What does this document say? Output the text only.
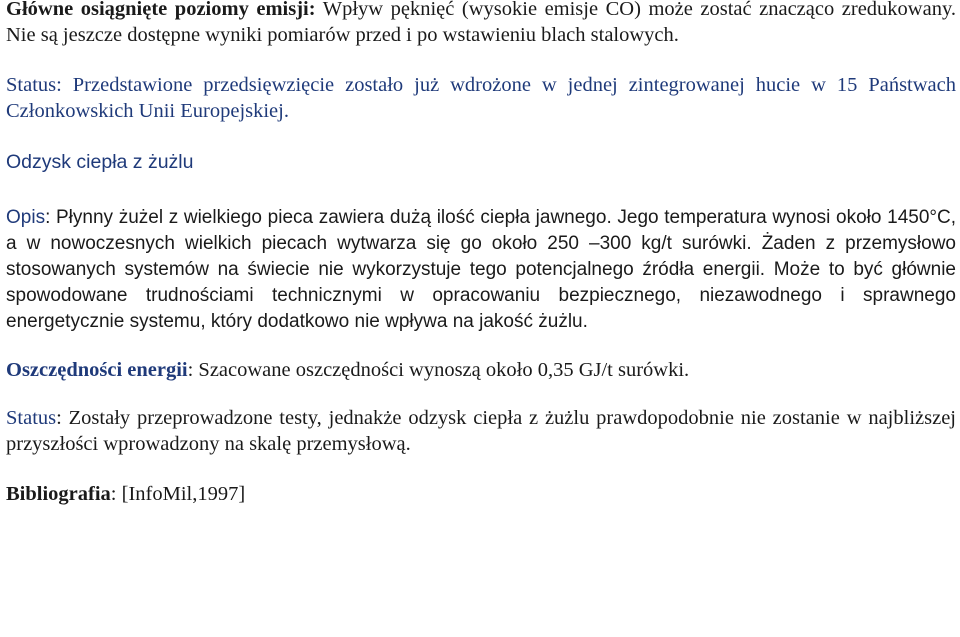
Główne osiągnięte poziomy emisji: Wpływ pęknięć (wysokie emisje CO) może zostać znacząco zredukowany. Nie są jeszcze dostępne wyniki pomiarów przed i po wstawieniu blach stalowych.

Status: Przedstawione przedsięwzięcie zostało już wdrożone w jednej zintegrowanej hucie w 15 Państwach Członkowskich Unii Europejskiej.

Odzysk ciepła z żużlu

Opis: Płynny żużel z wielkiego pieca zawiera dużą ilość ciepła jawnego. Jego temperatura wynosi około 1450°C, a w nowoczesnych wielkich piecach wytwarza się go około 250 –300 kg/t surówki. Żaden z przemysłowo stosowanych systemów na świecie nie wykorzystuje tego potencjalnego źródła energii. Może to być głównie spowodowane trudnościami technicznymi w opracowaniu bezpiecznego, niezawodnego i sprawnego energetycznie systemu, który dodatkowo nie wpływa na jakość żużlu.

Oszczędności energii: Szacowane oszczędności wynoszą około 0,35 GJ/t surówki.

Status: Zostały przeprowadzone testy, jednakże odzysk ciepła z żużlu prawdopodobnie nie zostanie w najbliższej przyszłości wprowadzony na skalę przemysłową.

Bibliografia: [InfoMil,1997]
